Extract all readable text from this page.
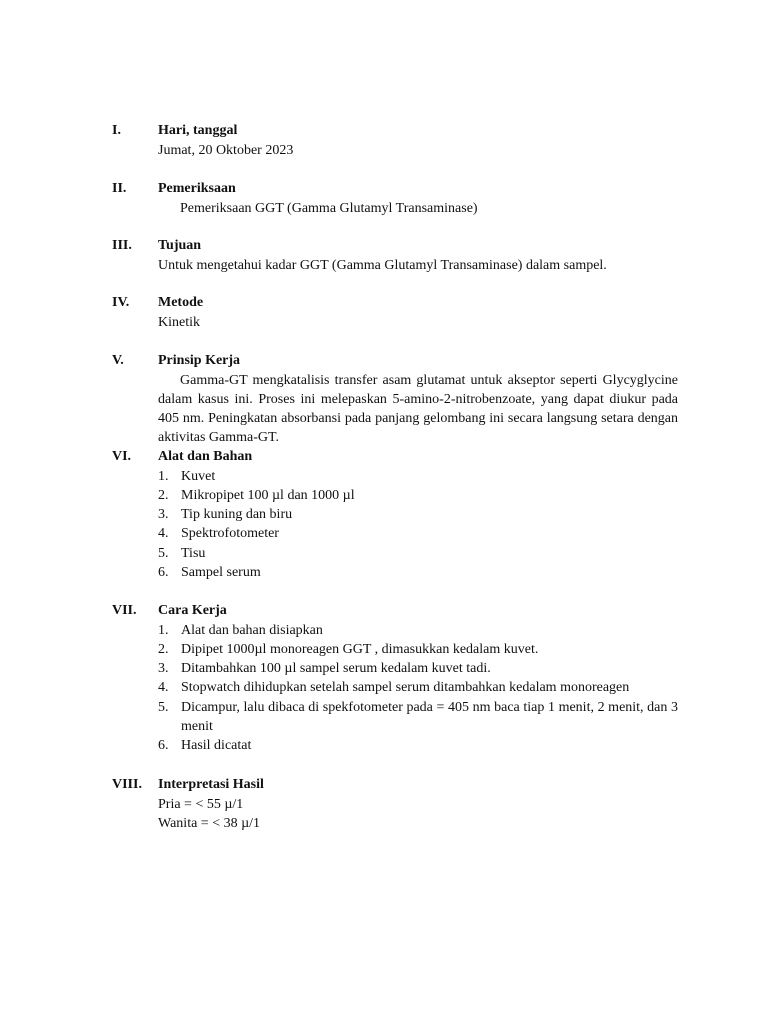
I.	Hari, tanggal
Jumat, 20 Oktober 2023
II. Pemeriksaan
Pemeriksaan GGT (Gamma Glutamyl Transaminase)
III. Tujuan
Untuk mengetahui kadar GGT (Gamma Glutamyl Transaminase) dalam sampel.
IV. Metode
Kinetik
V. Prinsip Kerja
Gamma-GT mengkatalisis transfer asam glutamat untuk akseptor seperti Glycyglycine dalam kasus ini. Proses ini melepaskan 5-amino-2-nitrobenzoate, yang dapat diukur pada 405 nm. Peningkatan absorbansi pada panjang gelombang ini secara langsung setara dengan aktivitas Gamma-GT.
VI. Alat dan Bahan
1. Kuvet
2. Mikropipet 100 µl dan 1000 µl
3. Tip kuning dan biru
4. Spektrofotometer
5. Tisu
6. Sampel serum
VII. Cara Kerja
1. Alat dan bahan disiapkan
2. Dipipet 1000µl monoreagen GGT , dimasukkan kedalam kuvet.
3. Ditambahkan 100 µl sampel serum kedalam kuvet tadi.
4. Stopwatch dihidupkan setelah sampel serum ditambahkan kedalam monoreagen
5. Dicampur, lalu dibaca di spekfotometer pada = 405 nm baca tiap 1 menit, 2 menit, dan 3 menit
6. Hasil dicatat
VIII. Interpretasi Hasil
Pria = < 55 µ/1
Wanita = < 38 µ/1
